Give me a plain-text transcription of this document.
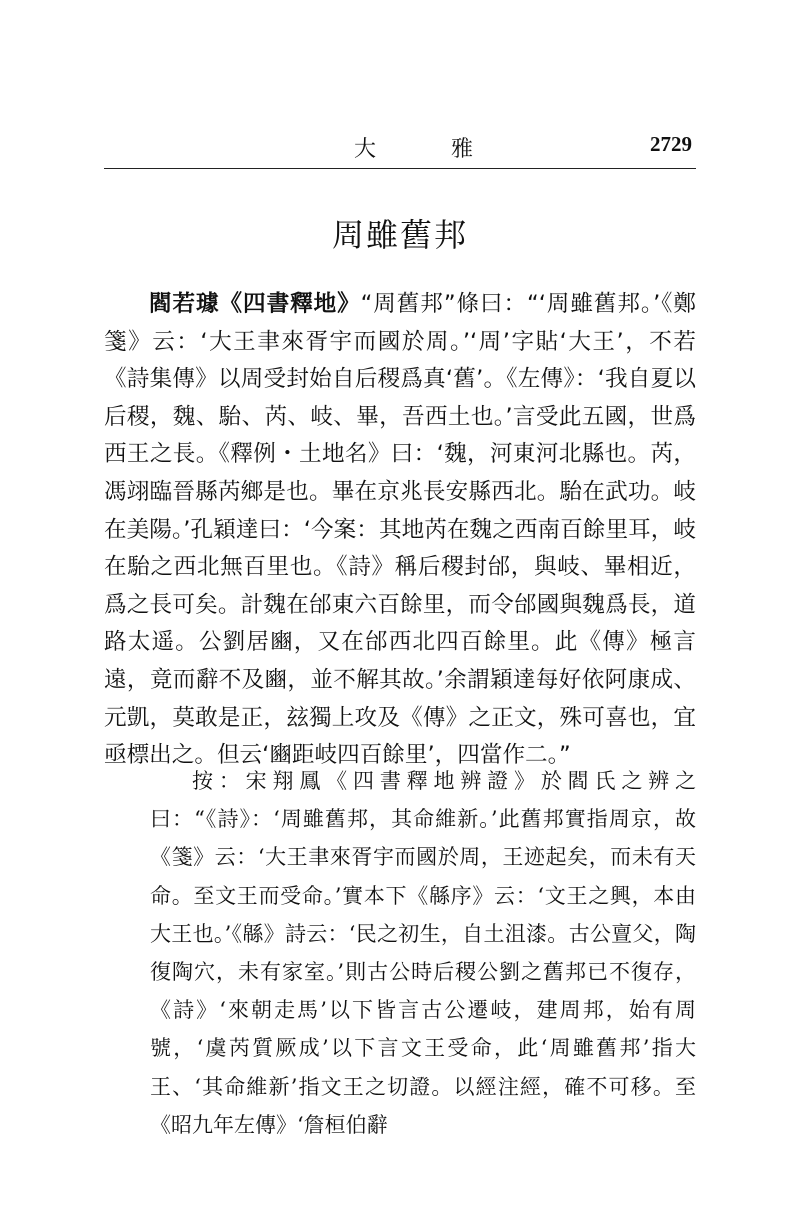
大 雅	2729
周雖舊邦

閻若璩《四書釋地》“周舊邦”條曰：“‘周雖舊邦。’《鄭箋》云：‘大王聿來胥宇而國於周。’‘周’字貼‘大王’，不若《詩集傳》以周受封始自后稷爲真‘舊’。《左傳》：‘我自夏以后稷，魏、駘、芮、岐、畢，吾西土也。’言受此五國，世爲西王之長。《釋例・土地名》曰：‘魏，河東河北縣也。芮，馮翊臨晉縣芮鄉是也。畢在京兆長安縣西北。駘在武功。岐在美陽。’孔穎達曰：‘今案：其地芮在魏之西南百餘里耳，岐在駘之西北無百里也。《詩》稱后稷封邰，與岐、畢相近，爲之長可矣。計魏在邰東六百餘里，而令邰國與魏爲長，道路太遥。公劉居豳，又在邰西北四百餘里。此《傳》極言遠，竟而辭不及豳，並不解其故。’余謂穎達每好依阿康成、元凱，莫敢是正，玆獨上攻及《傳》之正文，殊可喜也，宜亟標出之。但云‘豳距岐四百餘里’，四當作二。”

按：宋翔鳳《四書釋地辨證》於閻氏之辨之曰：“《詩》：‘周雖舊邦，其命維新。’此舊邦實指周京，故《箋》云：‘大王聿來胥宇而國於周，王迹起矣，而未有天命。至文王而受命。’實本下《緜序》云：‘文王之興，本由大王也。’《緜》詩云：‘民之初生，自土沮漆。古公亶父，陶復陶穴，未有家室。’則古公時后稷公劉之舊邦已不復存，《詩》‘來朝走馬’以下皆言古公遷岐，建周邦，始有周號，‘虞芮質厥成’以下言文王受命，此‘周雖舊邦’指大王、‘其命維新’指文王之切證。以經注經，確不可移。至《昭九年左傳》‘詹桓伯辭
